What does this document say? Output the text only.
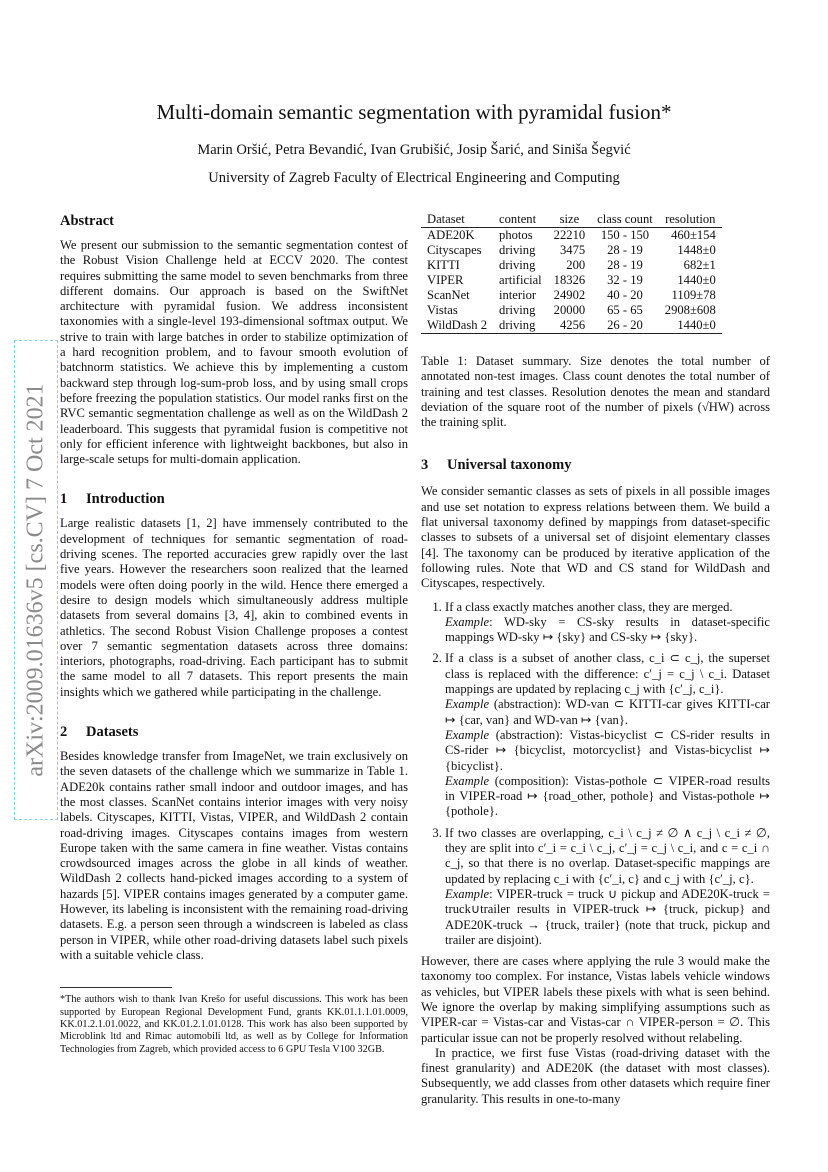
arXiv:2009.01636v5 [cs.CV] 7 Oct 2021
Multi-domain semantic segmentation with pyramidal fusion*
Marin Oršić, Petra Bevandić, Ivan Grubišić, Josip Šarić, and Siniša Šegvić
University of Zagreb Faculty of Electrical Engineering and Computing
Abstract

We present our submission to the semantic segmentation contest of the Robust Vision Challenge held at ECCV 2020. The contest requires submitting the same model to seven benchmarks from three different domains. Our approach is based on the SwiftNet architecture with pyramidal fusion. We address inconsistent taxonomies with a single-level 193-dimensional softmax output. We strive to train with large batches in order to stabilize optimization of a hard recognition problem, and to favour smooth evolution of batchnorm statistics. We achieve this by implementing a custom backward step through log-sum-prob loss, and by using small crops before freezing the population statistics. Our model ranks first on the RVC semantic segmentation challenge as well as on the WildDash 2 leaderboard. This suggests that pyramidal fusion is competitive not only for efficient inference with lightweight backbones, but also in large-scale setups for multi-domain application.

1 Introduction

Large realistic datasets [1, 2] have immensely contributed to the development of techniques for semantic segmentation of road-driving scenes. The reported accuracies grew rapidly over the last five years. However the researchers soon realized that the learned models were often doing poorly in the wild. Hence there emerged a desire to design models which simultaneously address multiple datasets from several domains [3, 4], akin to combined events in athletics. The second Robust Vision Challenge proposes a contest over 7 semantic segmentation datasets across three domains: interiors, photographs, road-driving. Each participant has to submit the same model to all 7 datasets. This report presents the main insights which we gathered while participating in the challenge.

2 Datasets

Besides knowledge transfer from ImageNet, we train exclusively on the seven datasets of the challenge which we summarize in Table 1. ADE20k contains rather small indoor and outdoor images, and has the most classes. ScanNet contains interior images with very noisy labels. Cityscapes, KITTI, Vistas, VIPER, and WildDash 2 contain road-driving images. Cityscapes contains images from western Europe taken with the same camera in fine weather. Vistas contains crowdsourced images across the globe in all kinds of weather. WildDash 2 collects hand-picked images according to a system of hazards [5]. VIPER contains images generated by a computer game. However, its labeling is inconsistent with the remaining road-driving datasets. E.g. a person seen through a windscreen is labeled as class person in VIPER, while other road-driving datasets label such pixels with a suitable vehicle class.

*The authors wish to thank Ivan Krešo for useful discussions. This work has been supported by European Regional Development Fund, grants KK.01.1.1.01.0009, KK.01.2.1.01.0022, and KK.01.2.1.01.0128. This work has also been supported by Microblink ltd and Rimac automobili ltd, as well as by College for Information Technologies from Zagreb, which provided access to 6 GPU Tesla V100 32GB.

Dataset	content	size	class count	resolution
ADE20K	photos	22210	150 - 150	460±154
Cityscapes	driving	3475	28 - 19	1448±0
KITTI	driving	200	28 - 19	682±1
VIPER	artificial	18326	32 - 19	1440±0
ScanNet	interior	24902	40 - 20	1109±78
Vistas	driving	20000	65 - 65	2908±608
WildDash 2	driving	4256	26 - 20	1440±0

Table 1: Dataset summary. Size denotes the total number of annotated non-test images. Class count denotes the total number of training and test classes. Resolution denotes the mean and standard deviation of the square root of the number of pixels (√HW) across the training split.

3 Universal taxonomy

We consider semantic classes as sets of pixels in all possible images and use set notation to express relations between them. We build a flat universal taxonomy defined by mappings from dataset-specific classes to subsets of a universal set of disjoint elementary classes [4]. The taxonomy can be produced by iterative application of the following rules. Note that WD and CS stand for WildDash and Cityscapes, respectively.

1. If a class exactly matches another class, they are merged.
Example: WD-sky = CS-sky results in dataset-specific mappings WD-sky ↦ {sky} and CS-sky ↦ {sky}.
2. If a class is a subset of another class, c_i ⊂ c_j, the superset class is replaced with the difference: c′_j = c_j \ c_i. Dataset mappings are updated by replacing c_j with {c′_j, c_i}.
Example (abstraction): WD-van ⊂ KITTI-car gives KITTI-car ↦ {car, van} and WD-van ↦ {van}.
Example (abstraction): Vistas-bicyclist ⊂ CS-rider results in CS-rider ↦ {bicyclist, motorcyclist} and Vistas-bicyclist ↦ {bicyclist}.
Example (composition): Vistas-pothole ⊂ VIPER-road results in VIPER-road ↦ {road_other, pothole} and Vistas-pothole ↦ {pothole}.
3. If two classes are overlapping, c_i \ c_j ≠ ∅ ∧ c_j \ c_i ≠ ∅, they are split into c′_i = c_i \ c_j, c′_j = c_j \ c_i, and c = c_i ∩ c_j, so that there is no overlap. Dataset-specific mappings are updated by replacing c_i with {c′_i, c} and c_j with {c′_j, c}.
Example: VIPER-truck = truck ∪ pickup and ADE20K-truck = truck∪trailer results in VIPER-truck ↦ {truck, pickup} and ADE20K-truck → {truck, trailer} (note that truck, pickup and trailer are disjoint).

However, there are cases where applying the rule 3 would make the taxonomy too complex. For instance, Vistas labels vehicle windows as vehicles, but VIPER labels these pixels with what is seen behind. We ignore the overlap by making simplifying assumptions such as VIPER-car = Vistas-car and Vistas-car ∩ VIPER-person = ∅. This particular issue can not be properly resolved without relabeling.

In practice, we first fuse Vistas (road-driving dataset with the finest granularity) and ADE20K (the dataset with most classes). Subsequently, we add classes from other datasets which require finer granularity. This results in one-to-many
